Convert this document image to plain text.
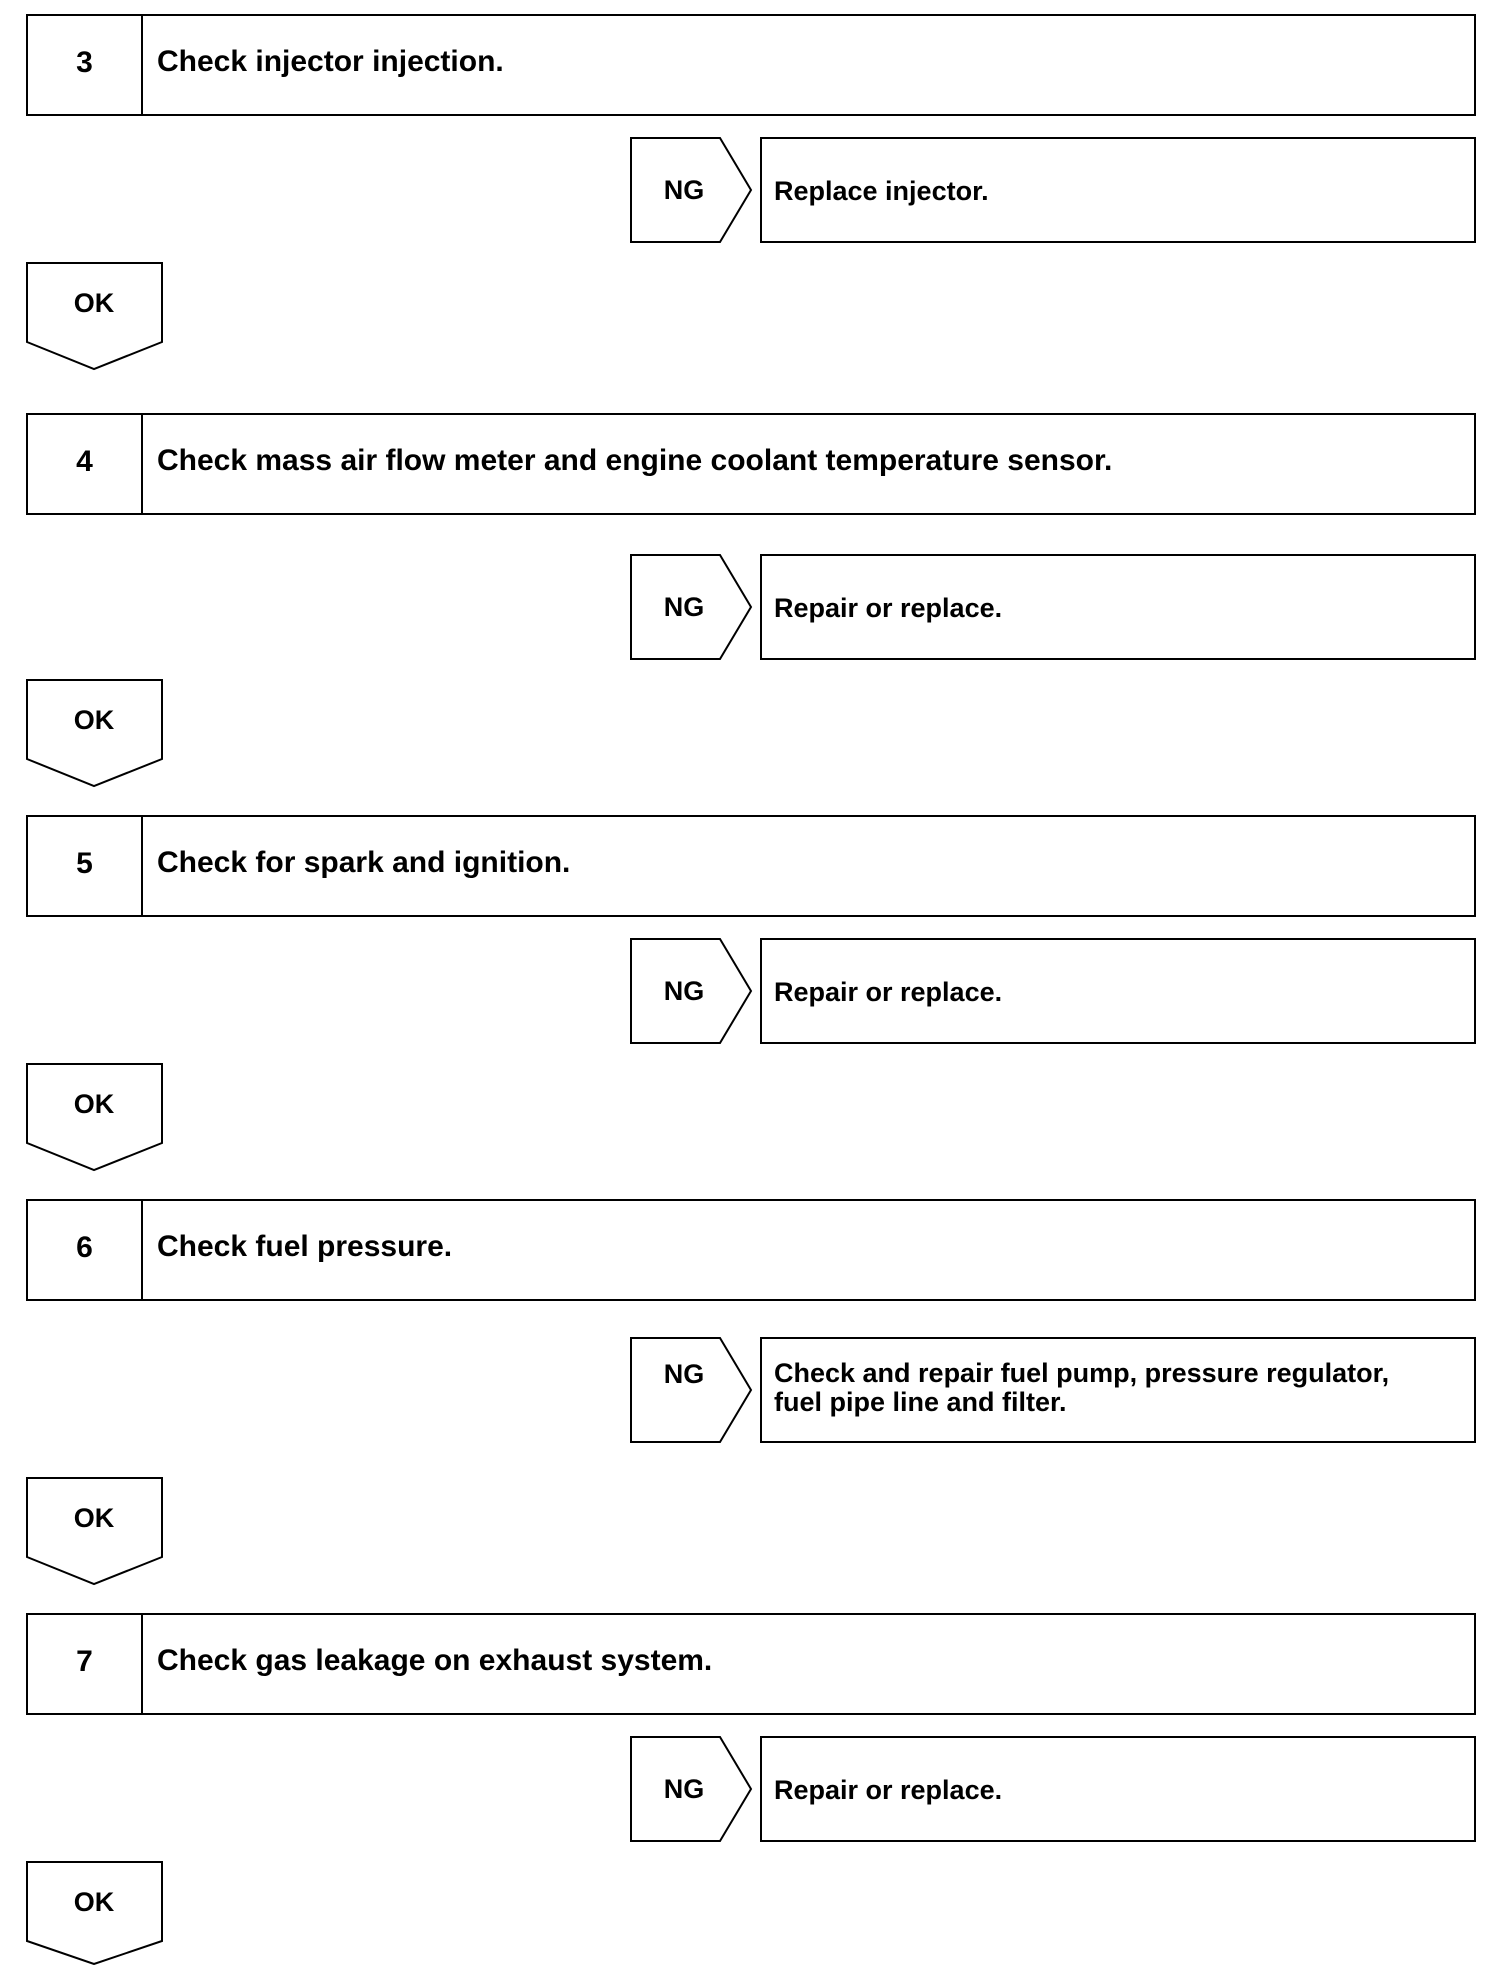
3	Check injector injection.
NG	Replace injector.
OK
4	Check mass air flow meter and engine coolant temperature sensor.
NG	Repair or replace.
OK
5	Check for spark and ignition.
NG	Repair or replace.
OK
6	Check fuel pressure.
NG	Check and repair fuel pump, pressure regulator,
fuel pipe line and filter.
OK
7	Check gas leakage on exhaust system.
NG	Repair or replace.
OK
